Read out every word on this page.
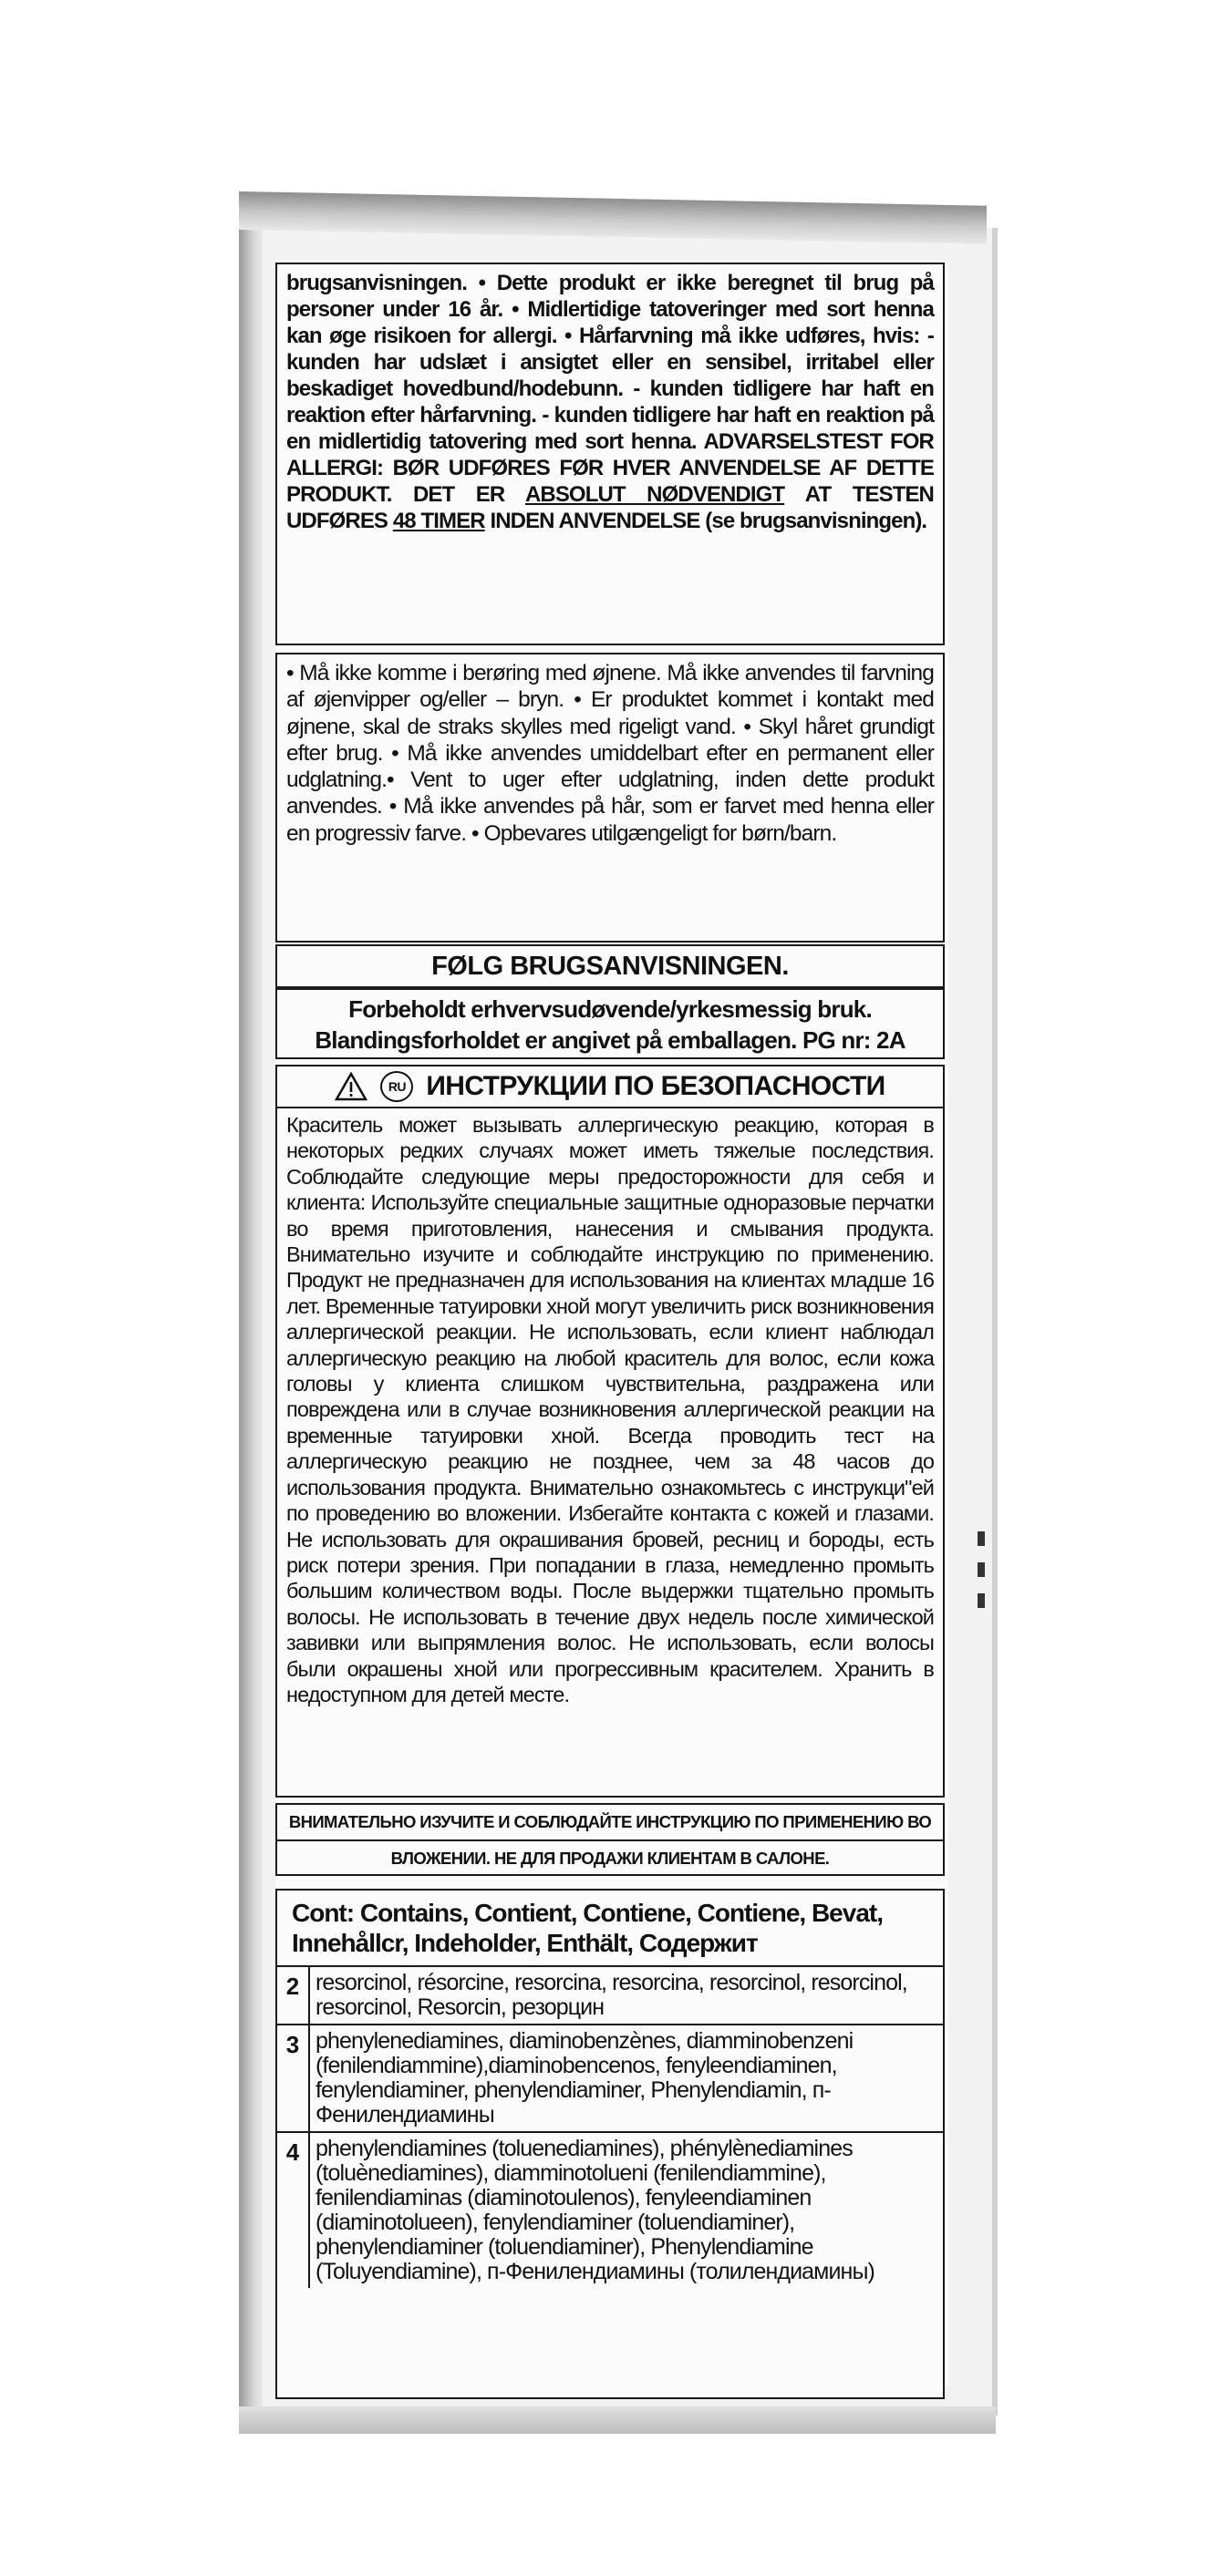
brugsanvisningen. • Dette produkt er ikke beregnet til brug på personer under 16 år. • Midlertidige tatoveringer med sort henna kan øge risikoen for allergi. • Hårfarvning må ikke udføres, hvis: - kunden har udslæt i ansigtet eller en sensibel, irritabel eller beskadiget hovedbund/hodebunn. - kunden tidligere har haft en reaktion efter hårfarvning. - kunden tidligere har haft en reaktion på en midlertidig tatovering med sort henna. ADVARSELSTEST FOR ALLERGI: BØR UDFØRES FØR HVER ANVENDELSE AF DETTE PRODUKT. DET ER ABSOLUT NØDVENDIGT AT TESTEN UDFØRES 48 TIMER INDEN ANVENDELSE (se brugsanvisningen).
• Må ikke komme i berøring med øjnene. Må ikke anvendes til farvning af øjenvipper og/eller – bryn. • Er produktet kommet i kontakt med øjnene, skal de straks skylles med rigeligt vand. • Skyl håret grundigt efter brug. • Må ikke anvendes umiddelbart efter en permanent eller udglatning.• Vent to uger efter udglatning, inden dette produkt anvendes. • Må ikke anvendes på hår, som er farvet med henna eller en progressiv farve. • Opbevares utilgængeligt for børn/barn.
FØLG BRUGSANVISNINGEN.
Forbeholdt erhvervsudøvende/yrkesmessig bruk.
Blandingsforholdet er angivet på emballagen. PG nr: 2A
RU ИНСТРУКЦИИ ПО БЕЗОПАСНОСТИ
Краситель может вызывать аллергическую реакцию, которая в некоторых редких случаях может иметь тяжелые последствия. Соблюдайте следующие меры предосторожности для себя и клиента: Используйте специальные защитные одноразовые перчатки во время приготовления, нанесения и смывания продукта. Внимательно изучите и соблюдайте инструкцию по применению. Продукт не предназначен для использования на клиентах младше 16 лет. Временные татуировки хной могут увеличить риск возникновения аллергической реакции. Не использовать, если клиент наблюдал аллергическую реакцию на любой краситель для волос, если кожа головы у клиента слишком чувствительна, раздражена или повреждена или в случае возникновения аллергической реакции на временные татуировки хной. Всегда проводить тест на аллергическую реакцию не позднее, чем за 48 часов до использования продукта. Внимательно ознакомьтесь с инструкци"ей по проведению во вложении. Избегайте контакта с кожей и глазами. Не использовать для окрашивания бровей, ресниц и бороды, есть риск потери зрения. При попадании в глаза, немедленно промыть большим количеством воды. После выдержки тщательно промыть волосы. Не использовать в течение двух недель после химической завивки или выпрямления волос. Не использовать, если волосы были окрашены хной или прогрессивным красителем. Хранить в недоступном для детей месте.
ВНИМАТЕЛЬНО ИЗУЧИТЕ И СОБЛЮДАЙТЕ ИНСТРУКЦИЮ ПО ПРИМЕНЕНИЮ ВО
ВЛОЖЕНИИ. НЕ ДЛЯ ПРОДАЖИ КЛИЕНТАМ В САЛОНЕ.
Cont: Contains, Contient, Contiene, Contiene, Bevat, Innehållcr, Indeholder, Enthält, Содержит
2 resorcinol, résorcine, resorcina, resorcina, resorcinol, resorcinol, resorcinol, Resorcin, резорцин
3 phenylenediamines, diaminobenzènes, diamminobenzeni (fenilendiammine),diaminobencenos, fenyleendiaminen, fenylendiaminer, phenylendiaminer, Phenylendiamin, п-Фенилендиамины
4 phenylendiamines (toluenediamines), phénylènediamines (toluènediamines), diamminotolueni (fenilendiammine), fenilendiaminas (diaminotoulenos), fenyleendiaminen (diaminotolueen), fenylendiaminer (toluendiaminer), phenylendiaminer (toluendiaminer), Phenylendiamine (Toluyendiamine), п-Фенилендиамины (толилендиамины)
